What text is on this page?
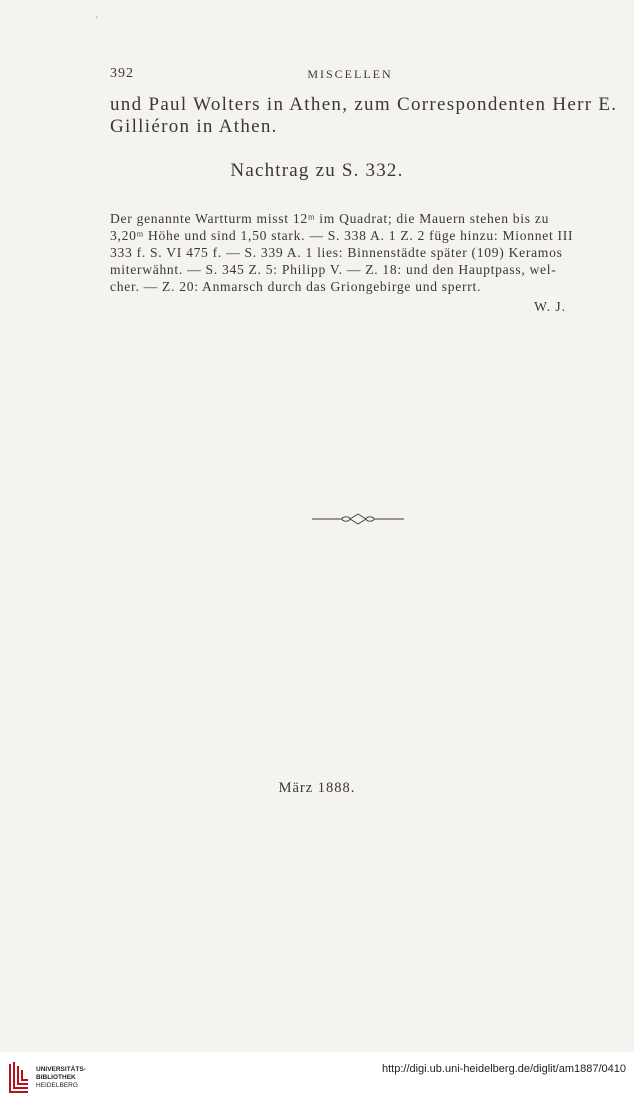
'
392	MISCELLEN

und Paul Wolters in Athen, zum Correspondenten Herr E.
Gilliéron in Athen.

Nachtrag zu S. 332.

Der genannte Wartturm misst 12ᵐ im Quadrat; die Mauern stehen bis zu
3,20ᵐ Höhe und sind 1,50 stark. — S. 338 A. 1 Z. 2 füge hinzu: Mionnet III
333 f. S. VI 475 f. — S. 339 A. 1 lies: Binnenstädte später (109) Keramos
miterwähnt. — S. 345 Z. 5: Philipp V. — Z. 18: und den Hauptpass, wel-
cher. — Z. 20: Anmarsch durch das Griongebirge und sperrt.

W. J.
März 1888.
UNIVERSITÄTS-
BIBLIOTHEK
HEIDELBERG
http://digi.ub.uni-heidelberg.de/diglit/am1887/0410
